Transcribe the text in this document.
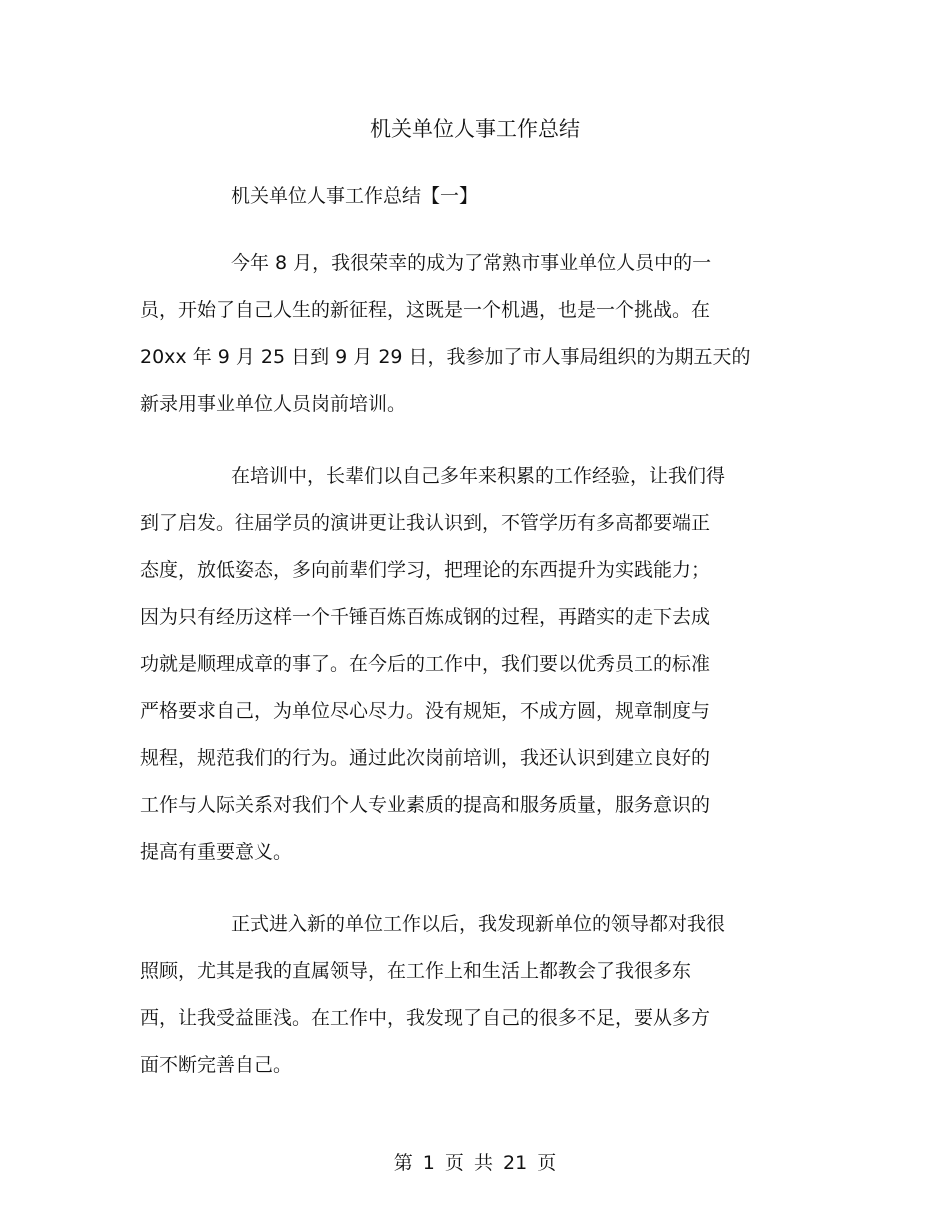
机关单位人事工作总结
机关单位人事工作总结【一】
今年 8 月，我很荣幸的成为了常熟市事业单位人员中的一
员，开始了自己人生的新征程，这既是一个机遇，也是一个挑战。在
20xx 年 9 月 25 日到 9 月 29 日，我参加了市人事局组织的为期五天的
新录用事业单位人员岗前培训。
在培训中，长辈们以自己多年来积累的工作经验，让我们得
到了启发。往届学员的演讲更让我认识到，不管学历有多高都要端正
态度，放低姿态，多向前辈们学习，把理论的东西提升为实践能力；
因为只有经历这样一个千锤百炼百炼成钢的过程，再踏实的走下去成
功就是顺理成章的事了。在今后的工作中，我们要以优秀员工的标准
严格要求自己，为单位尽心尽力。没有规矩，不成方圆，规章制度与
规程，规范我们的行为。通过此次岗前培训，我还认识到建立良好的
工作与人际关系对我们个人专业素质的提高和服务质量，服务意识的
提高有重要意义。
正式进入新的单位工作以后，我发现新单位的领导都对我很
照顾，尤其是我的直属领导，在工作上和生活上都教会了我很多东
西，让我受益匪浅。在工作中，我发现了自己的很多不足，要从多方
面不断完善自己。
第 1 页 共 21 页
